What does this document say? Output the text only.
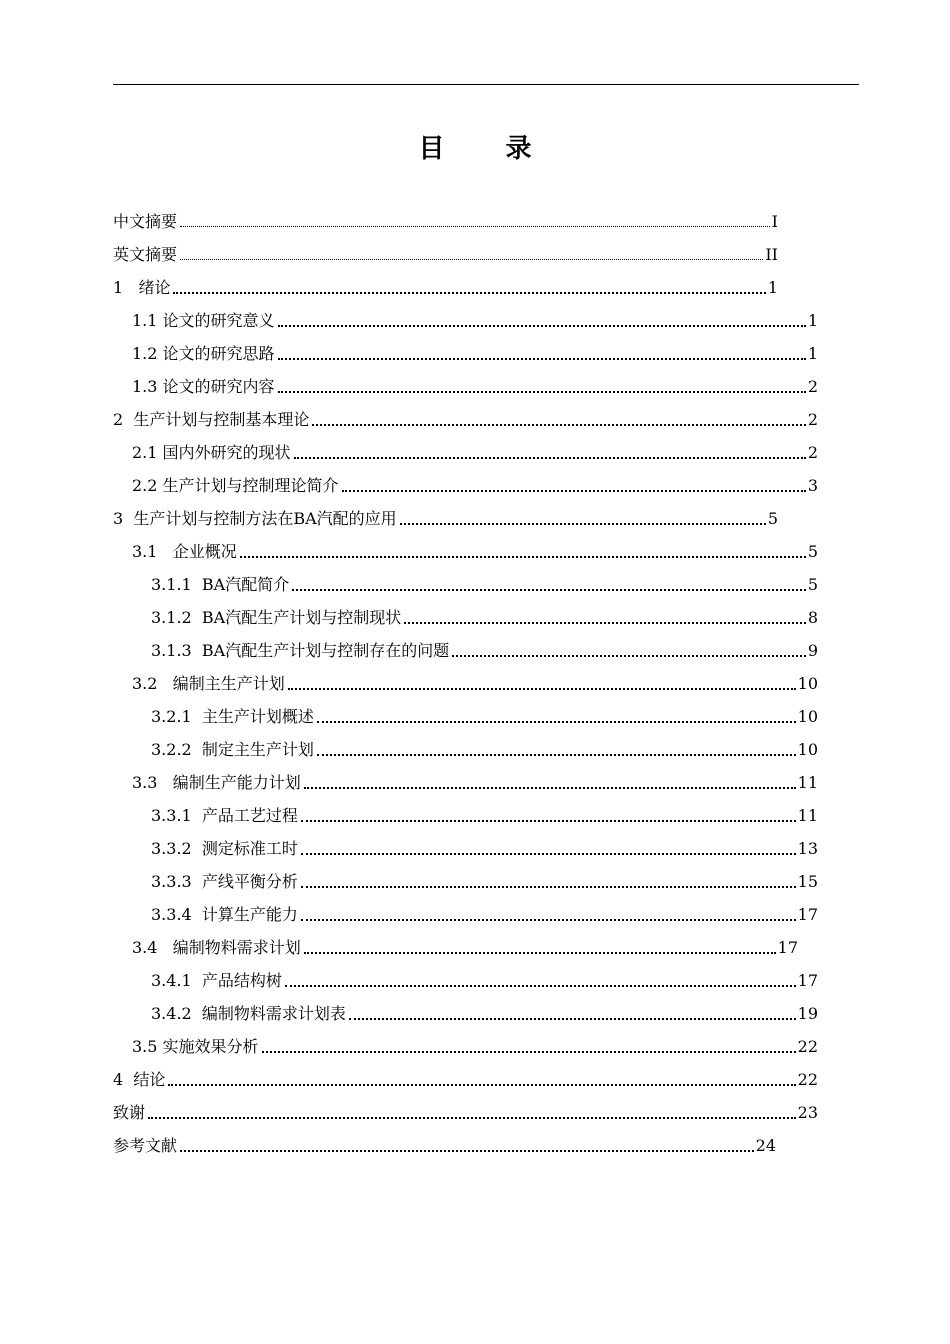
目 录
中文摘要	I
英文摘要	II
1   绪论	1
1.1 论文的研究意义	1
1.2 论文的研究思路	1
1.3 论文的研究内容	2
2  生产计划与控制基本理论	2
2.1 国内外研究的现状	2
2.2 生产计划与控制理论简介	3
3  生产计划与控制方法在BA汽配的应用	5
3.1   企业概况	5
3.1.1  BA汽配简介	5
3.1.2  BA汽配生产计划与控制现状	8
3.1.3  BA汽配生产计划与控制存在的问题	9
3.2   编制主生产计划	10
3.2.1  主生产计划概述	10
3.2.2  制定主生产计划	10
3.3   编制生产能力计划	11
3.3.1  产品工艺过程	11
3.3.2  测定标准工时	13
3.3.3  产线平衡分析	15
3.3.4  计算生产能力	17
3.4   编制物料需求计划	17
3.4.1  产品结构树	17
3.4.2  编制物料需求计划表	19
3.5 实施效果分析	22
4  结论	22
致谢	23
参考文献	24
